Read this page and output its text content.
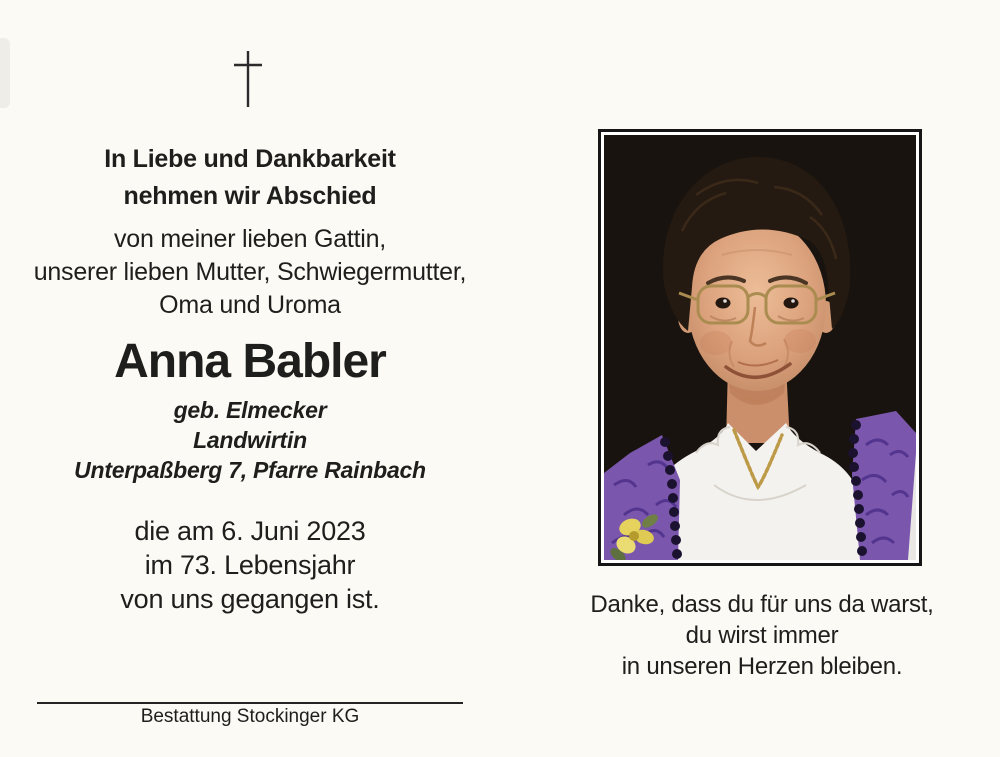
In Liebe und Dankbarkeit
nehmen wir Abschied
von meiner lieben Gattin,
unserer lieben Mutter, Schwiegermutter,
Oma und Uroma
Anna Babler
geb. Elmecker
Landwirtin
Unterpaßberg 7, Pfarre Rainbach
die am 6. Juni 2023
im 73. Lebensjahr
von uns gegangen ist.
Bestattung Stockinger KG
Danke, dass du für uns da warst,
du wirst immer
in unseren Herzen bleiben.
